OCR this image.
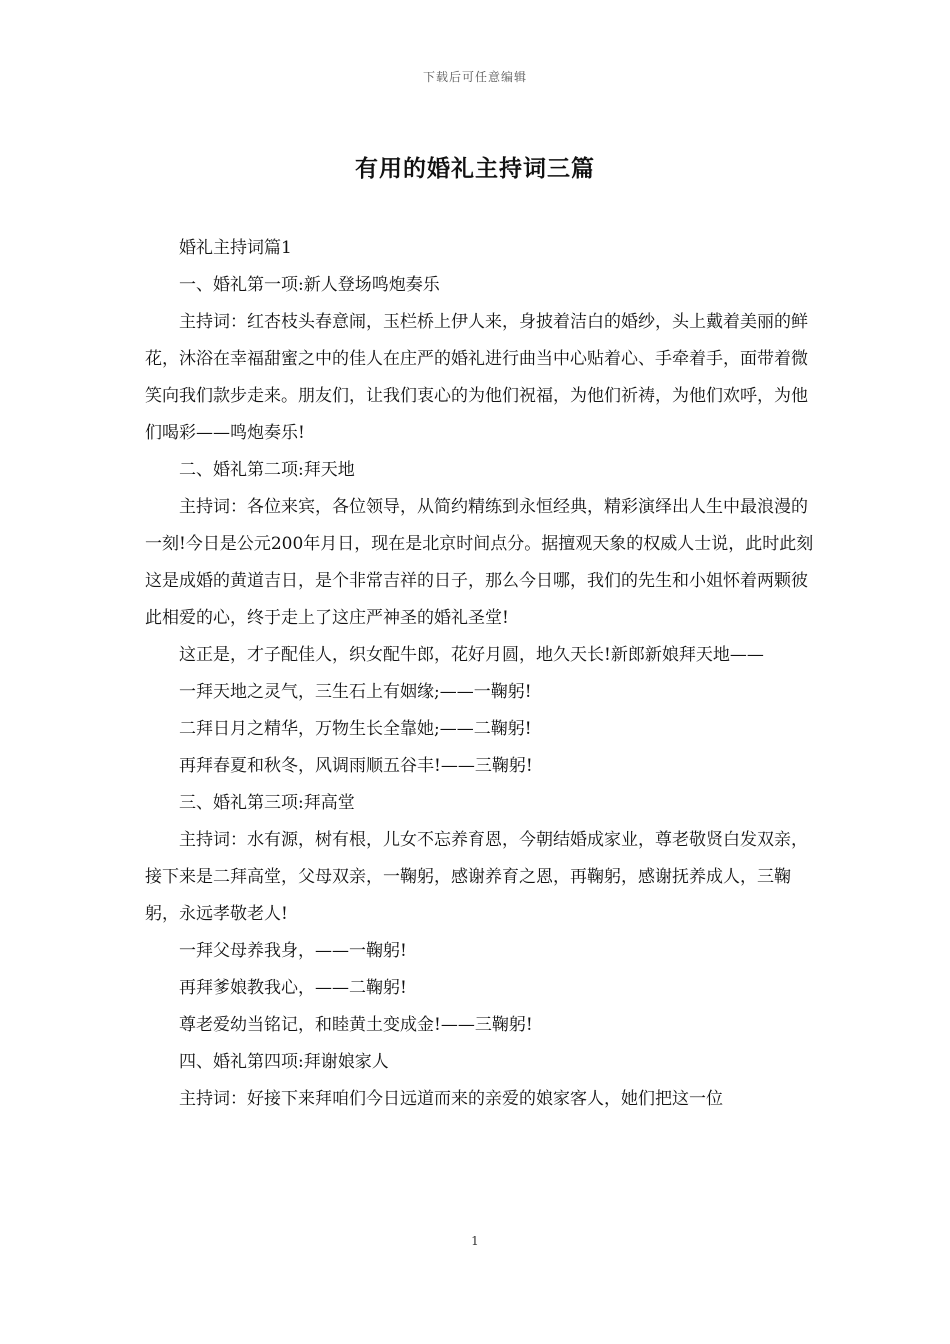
下载后可任意编辑
有用的婚礼主持词三篇

婚礼主持词篇1

一、婚礼第一项:新人登场鸣炮奏乐

主持词：红杏枝头春意闹，玉栏桥上伊人来，身披着洁白的婚纱，头上戴着美丽的鲜花，沐浴在幸福甜蜜之中的佳人在庄严的婚礼进行曲当中心贴着心、手牵着手，面带着微笑向我们款步走来。朋友们，让我们衷心的为他们祝福，为他们祈祷，为他们欢呼，为他们喝彩——鸣炮奏乐!

二、婚礼第二项:拜天地

主持词：各位来宾，各位领导，从简约精练到永恒经典，精彩演绎出人生中最浪漫的一刻!今日是公元200年月日，现在是北京时间点分。据擅观天象的权威人士说，此时此刻这是成婚的黄道吉日，是个非常吉祥的日子，那么今日哪，我们的先生和小姐怀着两颗彼此相爱的心，终于走上了这庄严神圣的婚礼圣堂!

这正是，才子配佳人，织女配牛郎，花好月圆，地久天长!新郎新娘拜天地——

一拜天地之灵气，三生石上有姻缘;——一鞠躬!

二拜日月之精华，万物生长全靠她;——二鞠躬!

再拜春夏和秋冬，风调雨顺五谷丰!——三鞠躬!

三、婚礼第三项:拜高堂

主持词：水有源，树有根，儿女不忘养育恩，今朝结婚成家业，尊老敬贤白发双亲，接下来是二拜高堂，父母双亲，一鞠躬，感谢养育之恩，再鞠躬，感谢抚养成人，三鞠躬，永远孝敬老人!

一拜父母养我身，——一鞠躬!

再拜爹娘教我心，——二鞠躬!

尊老爱幼当铭记，和睦黄土变成金!——三鞠躬!

四、婚礼第四项:拜谢娘家人

主持词：好接下来拜咱们今日远道而来的亲爱的娘家客人，她们把这一位

1
